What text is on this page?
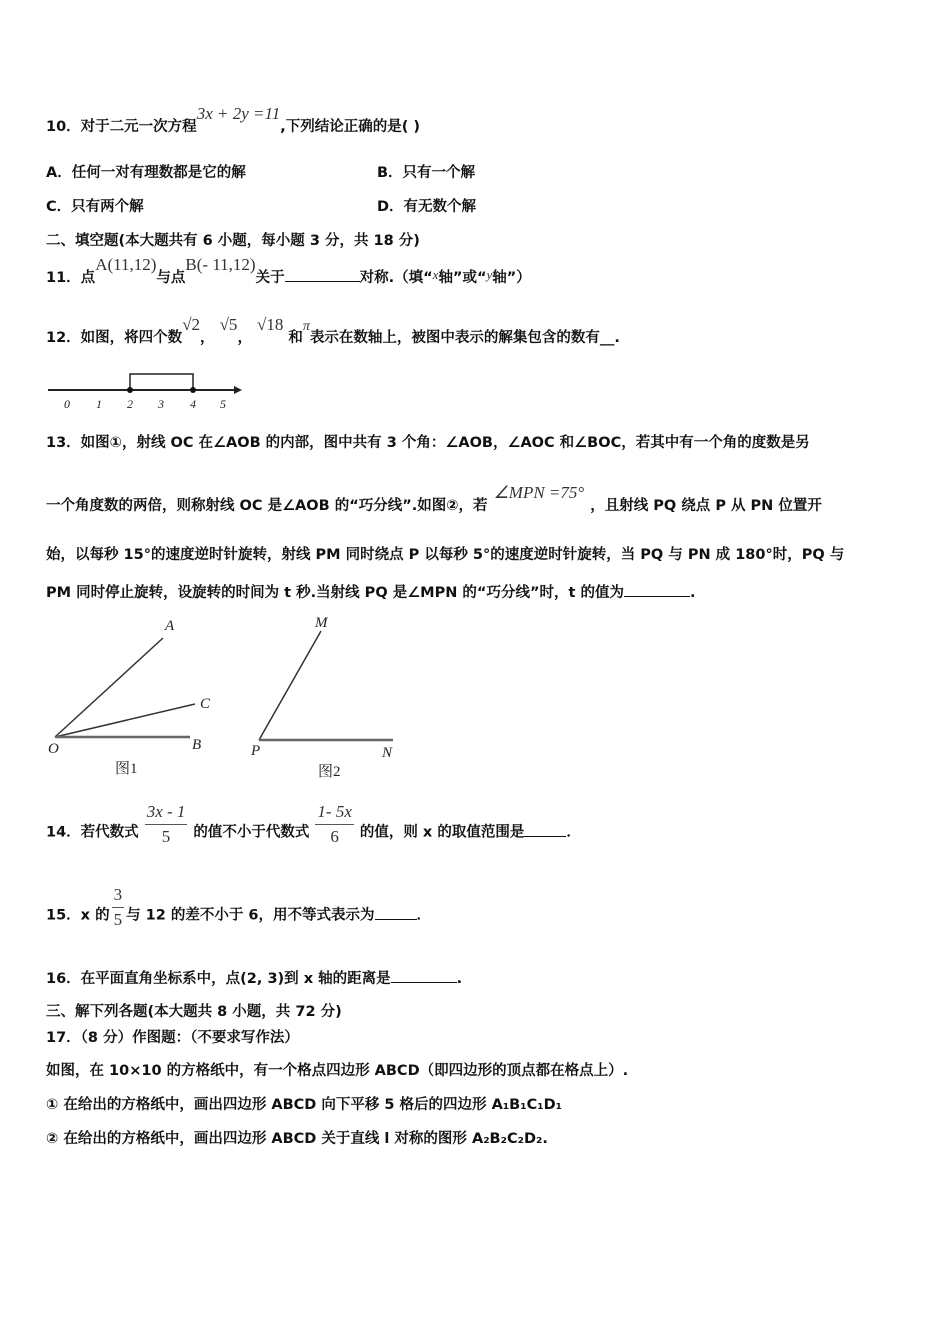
10．对于二元一次方程3x + 2y =11,下列结论正确的是( )
A．任何一对有理数都是它的解	B．只有一个解
C．只有两个解	D．有无数个解
二、填空题(本大题共有 6 小题，每小题 3 分，共 18 分)
11．点A(11,12)与点B(- 11,12)关于	对称.（填“x轴”或“y轴”）
12．如图，将四个数√2， √5， √18 和π表示在数轴上，被图中表示的解集包含的数有__.
0 1 2 3 4 5
13．如图①，射线 OC 在∠AOB 的内部，图中共有 3 个角：∠AOB，∠AOC 和∠BOC，若其中有一个角的度数是另
一个角度数的两倍，则称射线 OC 是∠AOB 的“巧分线”.如图②，若∠MPN =75°，且射线 PQ 绕点 P 从 PN 位置开
始，以每秒 15°的速度逆时针旋转，射线 PM 同时绕点 P 以每秒 5°的速度逆时针旋转，当 PQ 与 PN 成 180°时，PQ 与
PM 同时停止旋转，设旋转的时间为 t 秒.当射线 PQ 是∠MPN 的“巧分线”时，t 的值为	.
A
C
O	B
M
P	N
图1	图2
14．若代数式 $\frac{3x - 1}{5}$ 的值不小于代数式 $\frac{1- 5x}{6}$ 的值，则 x 的取值范围是	．
15．x 的 $\frac{3}{5}$ 与 12 的差不小于 6，用不等式表示为	．
16．在平面直角坐标系中，点(2, 3)到 x 轴的距离是	.
三、解下列各题(本大题共 8 小题，共 72 分)
17．（8 分）作图题：（不要求写作法）
如图，在 10×10 的方格纸中，有一个格点四边形 ABCD（即四边形的顶点都在格点上）.
① 在给出的方格纸中，画出四边形 ABCD 向下平移 5 格后的四边形 A₁B₁C₁D₁
② 在给出的方格纸中，画出四边形 ABCD 关于直线 l 对称的图形 A₂B₂C₂D₂.
